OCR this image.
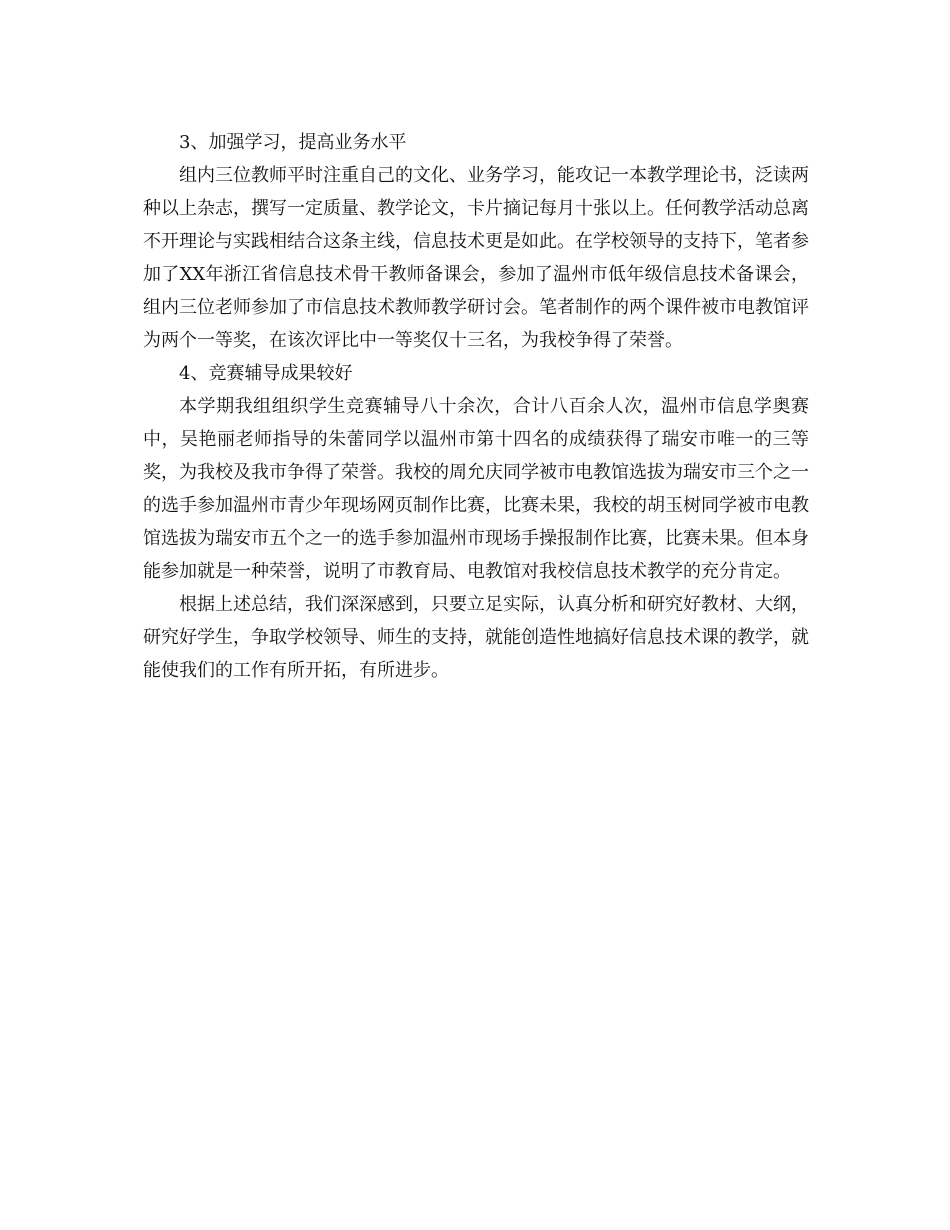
3、加强学习，提高业务水平

组内三位教师平时注重自己的文化、业务学习，能攻记一本教学理论书，泛读两种以上杂志，撰写一定质量、教学论文，卡片摘记每月十张以上。任何教学活动总离不开理论与实践相结合这条主线，信息技术更是如此。在学校领导的支持下，笔者参加了XX年浙江省信息技术骨干教师备课会，参加了温州市低年级信息技术备课会，组内三位老师参加了市信息技术教师教学研讨会。笔者制作的两个课件被市电教馆评为两个一等奖，在该次评比中一等奖仅十三名，为我校争得了荣誉。

4、竞赛辅导成果较好

本学期我组组织学生竞赛辅导八十余次，合计八百余人次，温州市信息学奥赛中，吴艳丽老师指导的朱蕾同学以温州市第十四名的成绩获得了瑞安市唯一的三等奖，为我校及我市争得了荣誉。我校的周允庆同学被市电教馆选拔为瑞安市三个之一的选手参加温州市青少年现场网页制作比赛，比赛未果，我校的胡玉树同学被市电教馆选拔为瑞安市五个之一的选手参加温州市现场手操报制作比赛，比赛未果。但本身能参加就是一种荣誉，说明了市教育局、电教馆对我校信息技术教学的充分肯定。

根据上述总结，我们深深感到，只要立足实际，认真分析和研究好教材、大纲，研究好学生，争取学校领导、师生的支持，就能创造性地搞好信息技术课的教学，就能使我们的工作有所开拓，有所进步。
